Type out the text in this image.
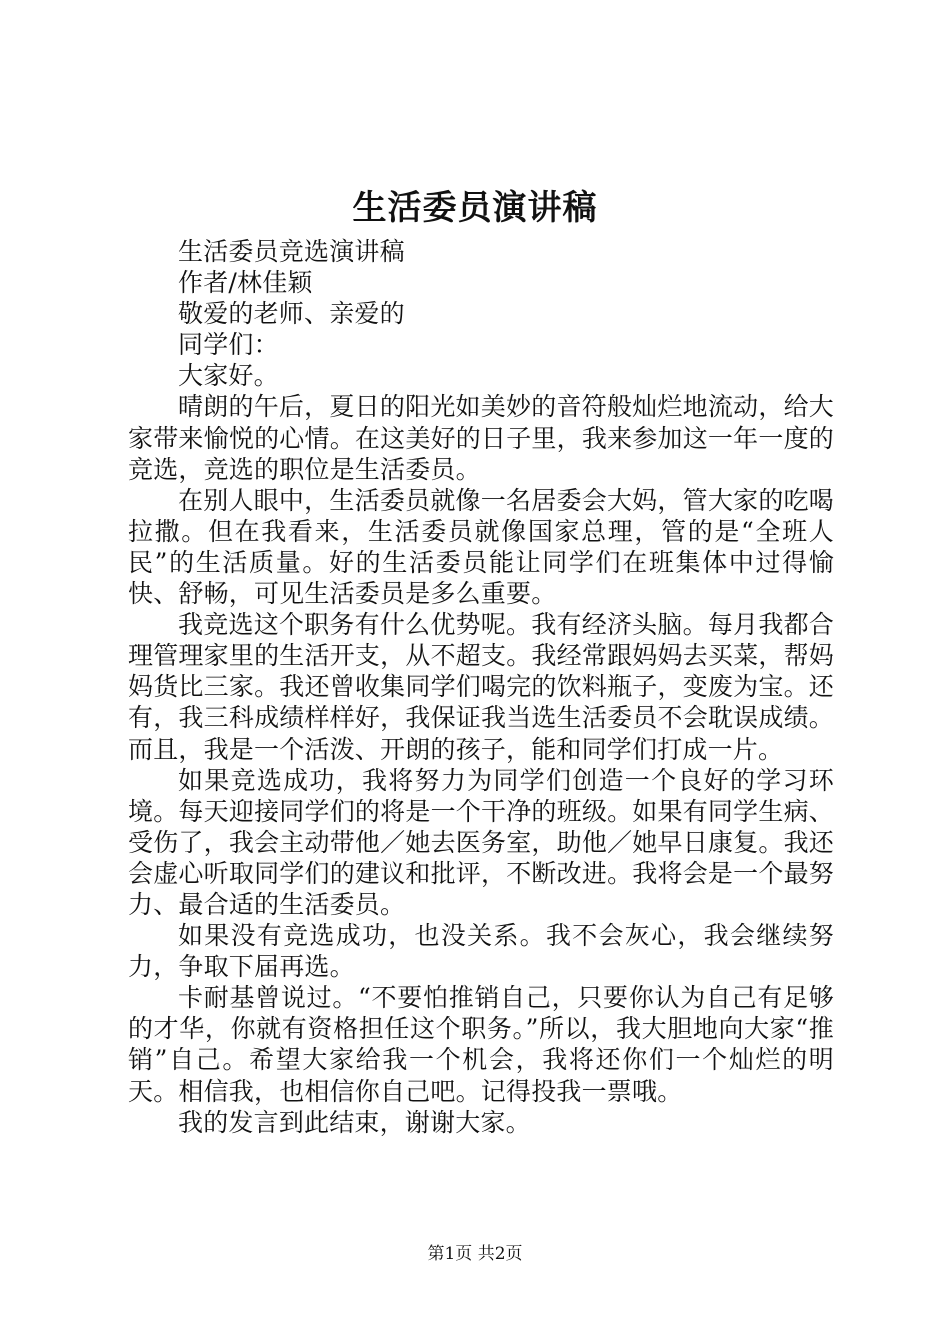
生活委员演讲稿

生活委员竞选演讲稿

作者/林佳颖

敬爱的老师、亲爱的

同学们：

大家好。

晴朗的午后，夏日的阳光如美妙的音符般灿烂地流动，给大家带来愉悦的心情。在这美好的日子里，我来参加这一年一度的竞选，竞选的职位是生活委员。

在别人眼中，生活委员就像一名居委会大妈，管大家的吃喝拉撒。但在我看来，生活委员就像国家总理，管的是“全班人民”的生活质量。好的生活委员能让同学们在班集体中过得愉快、舒畅，可见生活委员是多么重要。

我竞选这个职务有什么优势呢。我有经济头脑。每月我都合理管理家里的生活开支，从不超支。我经常跟妈妈去买菜，帮妈妈货比三家。我还曾收集同学们喝完的饮料瓶子，变废为宝。还有，我三科成绩样样好，我保证我当选生活委员不会耽误成绩。而且，我是一个活泼、开朗的孩子，能和同学们打成一片。

如果竞选成功，我将努力为同学们创造一个良好的学习环境。每天迎接同学们的将是一个干净的班级。如果有同学生病、受伤了，我会主动带他／她去医务室，助他／她早日康复。我还会虚心听取同学们的建议和批评，不断改进。我将会是一个最努力、最合适的生活委员。

如果没有竞选成功，也没关系。我不会灰心，我会继续努力，争取下届再选。

卡耐基曾说过。“不要怕推销自己，只要你认为自己有足够的才华，你就有资格担任这个职务。”所以，我大胆地向大家“推销”自己。希望大家给我一个机会，我将还你们一个灿烂的明天。相信我，也相信你自己吧。记得投我一票哦。

我的发言到此结束，谢谢大家。

第1页 共2页
